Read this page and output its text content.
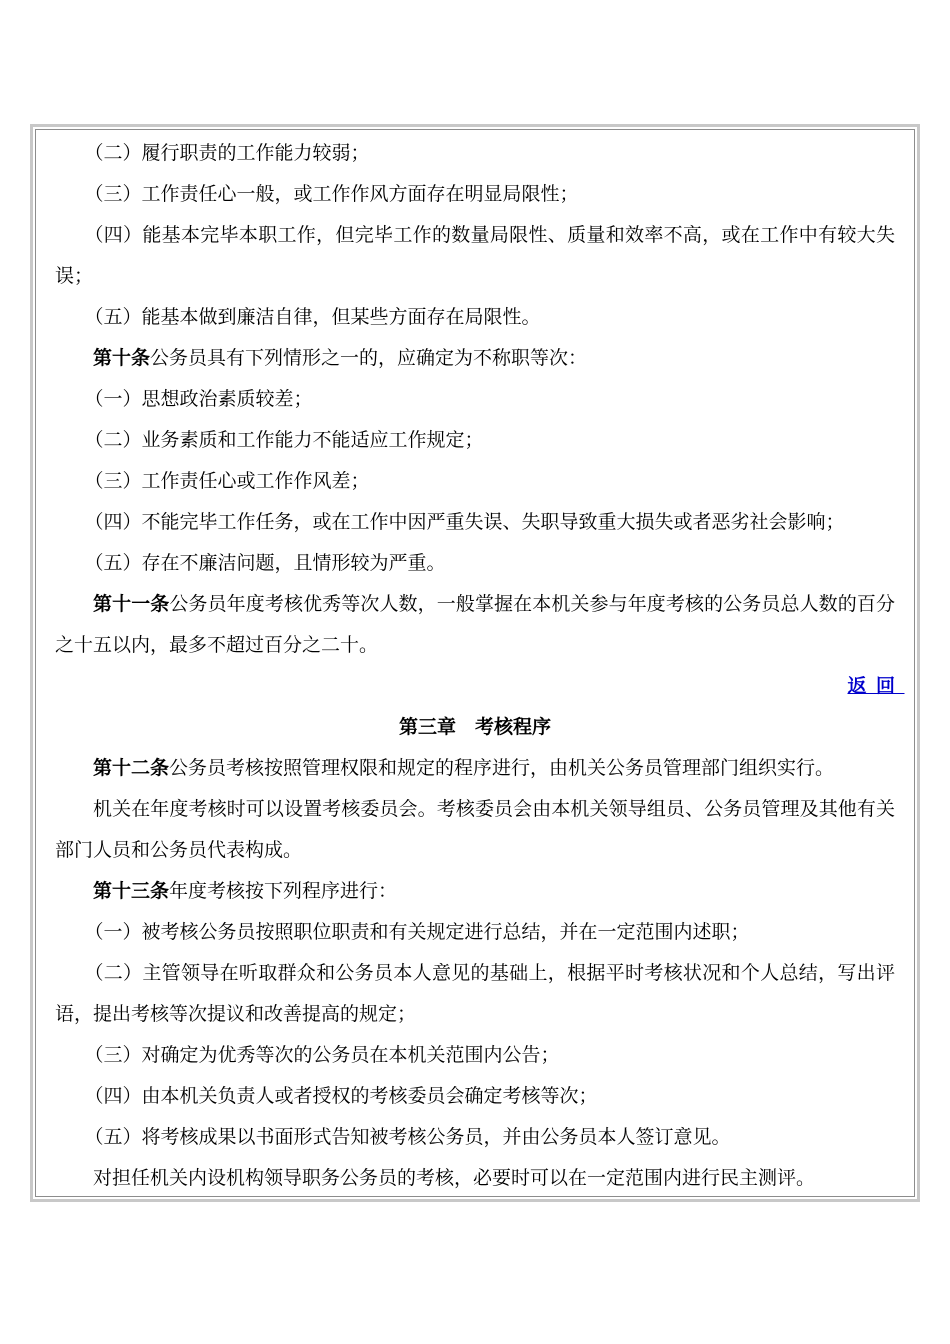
（二）履行职责的工作能力较弱；

（三）工作责任心一般，或工作作风方面存在明显局限性；

（四）能基本完毕本职工作，但完毕工作的数量局限性、质量和效率不高，或在工作中有较大失误；

（五）能基本做到廉洁自律，但某些方面存在局限性。

第十条公务员具有下列情形之一的，应确定为不称职等次：

（一）思想政治素质较差；

（二）业务素质和工作能力不能适应工作规定；

（三）工作责任心或工作作风差；

（四）不能完毕工作任务，或在工作中因严重失误、失职导致重大损失或者恶劣社会影响；

（五）存在不廉洁问题，且情形较为严重。

第十一条公务员年度考核优秀等次人数，一般掌握在本机关参与年度考核的公务员总人数的百分之十五以内，最多不超过百分之二十。

返回

第三章　考核程序

第十二条公务员考核按照管理权限和规定的程序进行，由机关公务员管理部门组织实行。

机关在年度考核时可以设置考核委员会。考核委员会由本机关领导组员、公务员管理及其他有关部门人员和公务员代表构成。

第十三条年度考核按下列程序进行：

（一）被考核公务员按照职位职责和有关规定进行总结，并在一定范围内述职；

（二）主管领导在听取群众和公务员本人意见的基础上，根据平时考核状况和个人总结，写出评语，提出考核等次提议和改善提高的规定；

（三）对确定为优秀等次的公务员在本机关范围内公告；

（四）由本机关负责人或者授权的考核委员会确定考核等次；

（五）将考核成果以书面形式告知被考核公务员，并由公务员本人签订意见。

对担任机关内设机构领导职务公务员的考核，必要时可以在一定范围内进行民主测评。
